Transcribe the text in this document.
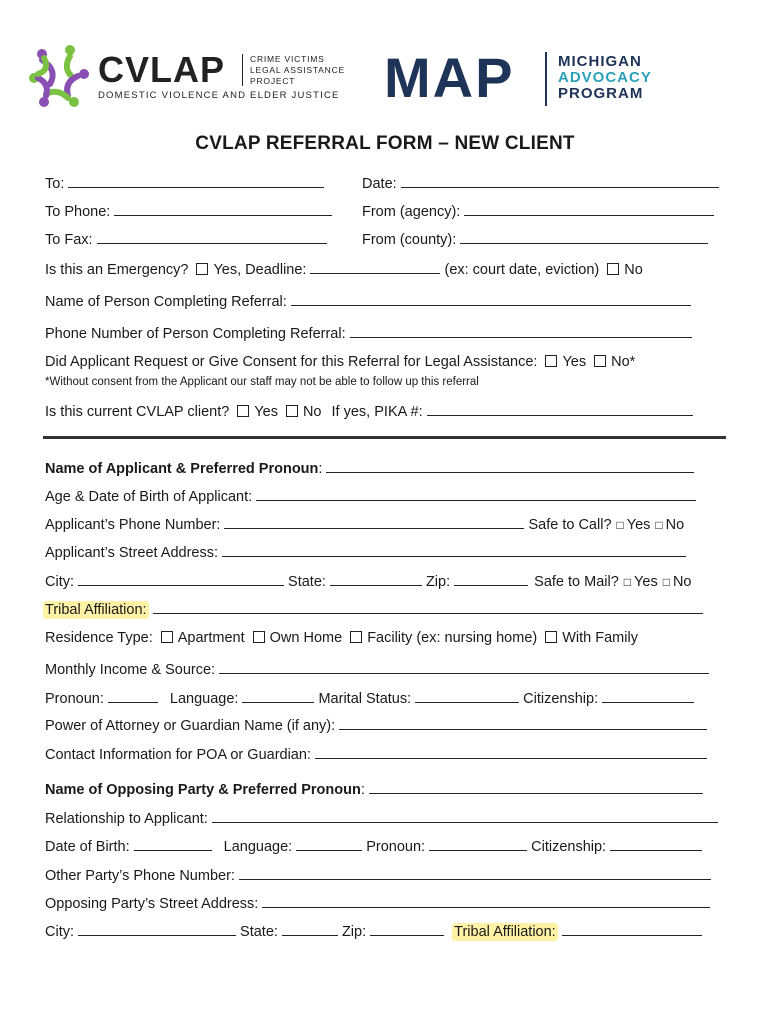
CVLAP	CRIME VICTIMS
LEGAL ASSISTANCE
PROJECT
DOMESTIC VIOLENCE AND ELDER JUSTICE MAP	MICHIGAN
ADVOCACY
PROGRAM
CVLAP REFERRAL FORM – NEW CLIENT
To:	Date:
To Phone:	From (agency):
To Fax:	From (county):
Is this an Emergency? Yes, Deadline:	(ex: court date, eviction) No
Name of Person Completing Referral:
Phone Number of Person Completing Referral:
Did Applicant Request or Give Consent for this Referral for Legal Assistance: Yes No*
*Without consent from the Applicant our staff may not be able to follow up this referral
Is this current CVLAP client? Yes No If yes, PIKA #:
Name of Applicant & Preferred Pronoun:
Age & Date of Birth of Applicant:
Applicant’s Phone Number:	Safe to Call? □ Yes □ No
Applicant’s Street Address:
City:	State:	Zip:	Safe to Mail? □ Yes □ No
Tribal Affiliation:
Residence Type: Apartment Own Home Facility (ex: nursing home) With Family
Monthly Income & Source:
Pronoun:	Language:	Marital Status:	Citizenship:
Power of Attorney or Guardian Name (if any):
Contact Information for POA or Guardian:
Name of Opposing Party & Preferred Pronoun:
Relationship to Applicant:
Date of Birth:	Language:	Pronoun:	Citizenship:
Other Party’s Phone Number:
Opposing Party’s Street Address:
City:	State:	Zip:	Tribal Affiliation:
